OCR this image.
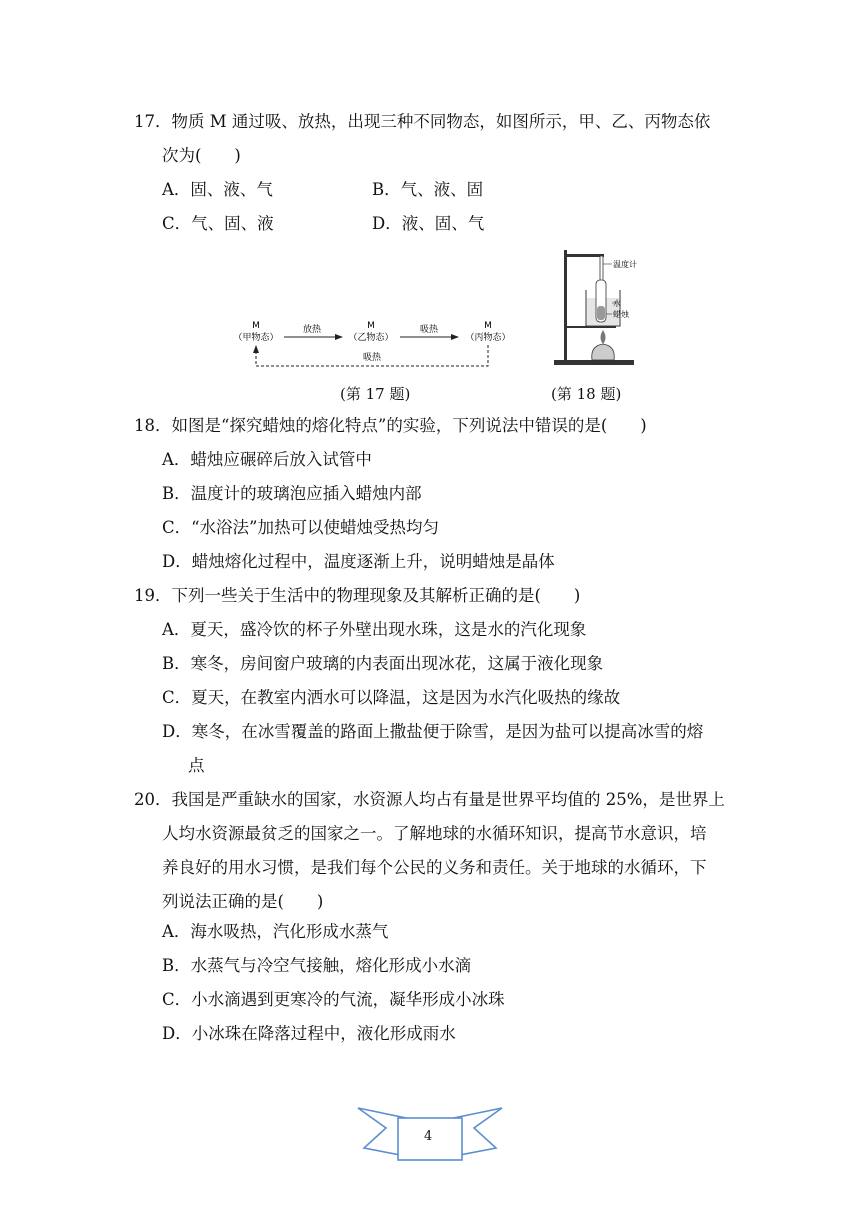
17．物质 M 通过吸、放热，出现三种不同物态，如图所示，甲、乙、丙物态依
次为(　　)
A．固、液、气	B．气、液、固
C．气、固、液	D．液、固、气
M
（甲物态）
M
（乙物态）
M
（丙物态）
放热	吸热
吸热
(第 17 题)
温度计
水
蜡烛
(第 18 题)
18．如图是“探究蜡烛的熔化特点”的实验，下列说法中错误的是(　　)
A．蜡烛应碾碎后放入试管中
B．温度计的玻璃泡应插入蜡烛内部
C．“水浴法”加热可以使蜡烛受热均匀
D．蜡烛熔化过程中，温度逐渐上升，说明蜡烛是晶体
19．下列一些关于生活中的物理现象及其解析正确的是(　　)
A．夏天，盛冷饮的杯子外壁出现水珠，这是水的汽化现象
B．寒冬，房间窗户玻璃的内表面出现冰花，这属于液化现象
C．夏天，在教室内洒水可以降温，这是因为水汽化吸热的缘故
D．寒冬，在冰雪覆盖的路面上撒盐便于除雪，是因为盐可以提高冰雪的熔
点
20．我国是严重缺水的国家，水资源人均占有量是世界平均值的 25%，是世界上
人均水资源最贫乏的国家之一。了解地球的水循环知识，提高节水意识，培
养良好的用水习惯，是我们每个公民的义务和责任。关于地球的水循环，下
列说法正确的是(　　)
A．海水吸热，汽化形成水蒸气
B．水蒸气与冷空气接触，熔化形成小水滴
C．小水滴遇到更寒冷的气流，凝华形成小冰珠
D．小冰珠在降落过程中，液化形成雨水
4
